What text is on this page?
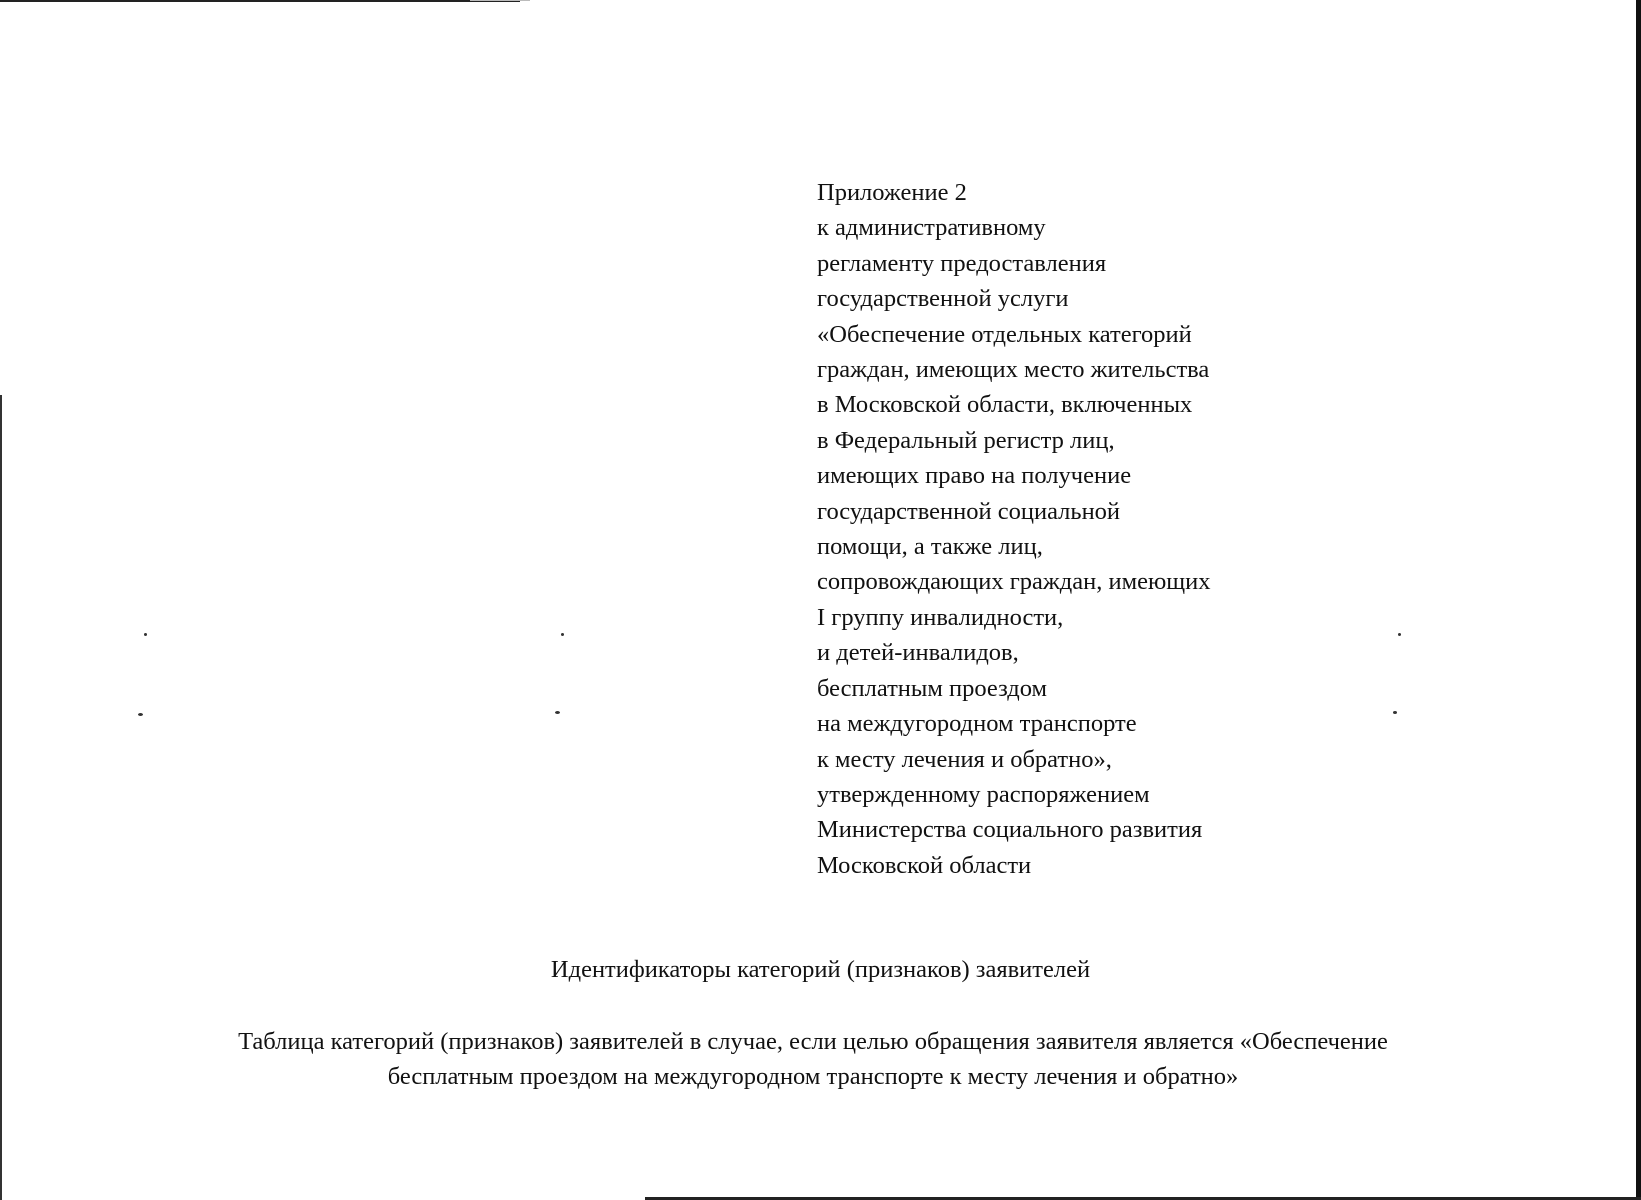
Приложение 2
к административному
регламенту предоставления
государственной услуги
«Обеспечение отдельных категорий
граждан, имеющих место жительства
в Московской области, включенных
в Федеральный регистр лиц,
имеющих право на получение
государственной социальной
помощи, а также лиц,
сопровождающих граждан, имеющих
I группу инвалидности,
и детей-инвалидов,
бесплатным проездом
на междугородном транспорте
к месту лечения и обратно»,
утвержденному распоряжением
Министерства социального развития
Московской области
Идентификаторы категорий (признаков) заявителей
Таблица категорий (признаков) заявителей в случае, если целью обращения заявителя является «Обеспечение
бесплатным проездом на междугородном транспорте к месту лечения и обратно»
